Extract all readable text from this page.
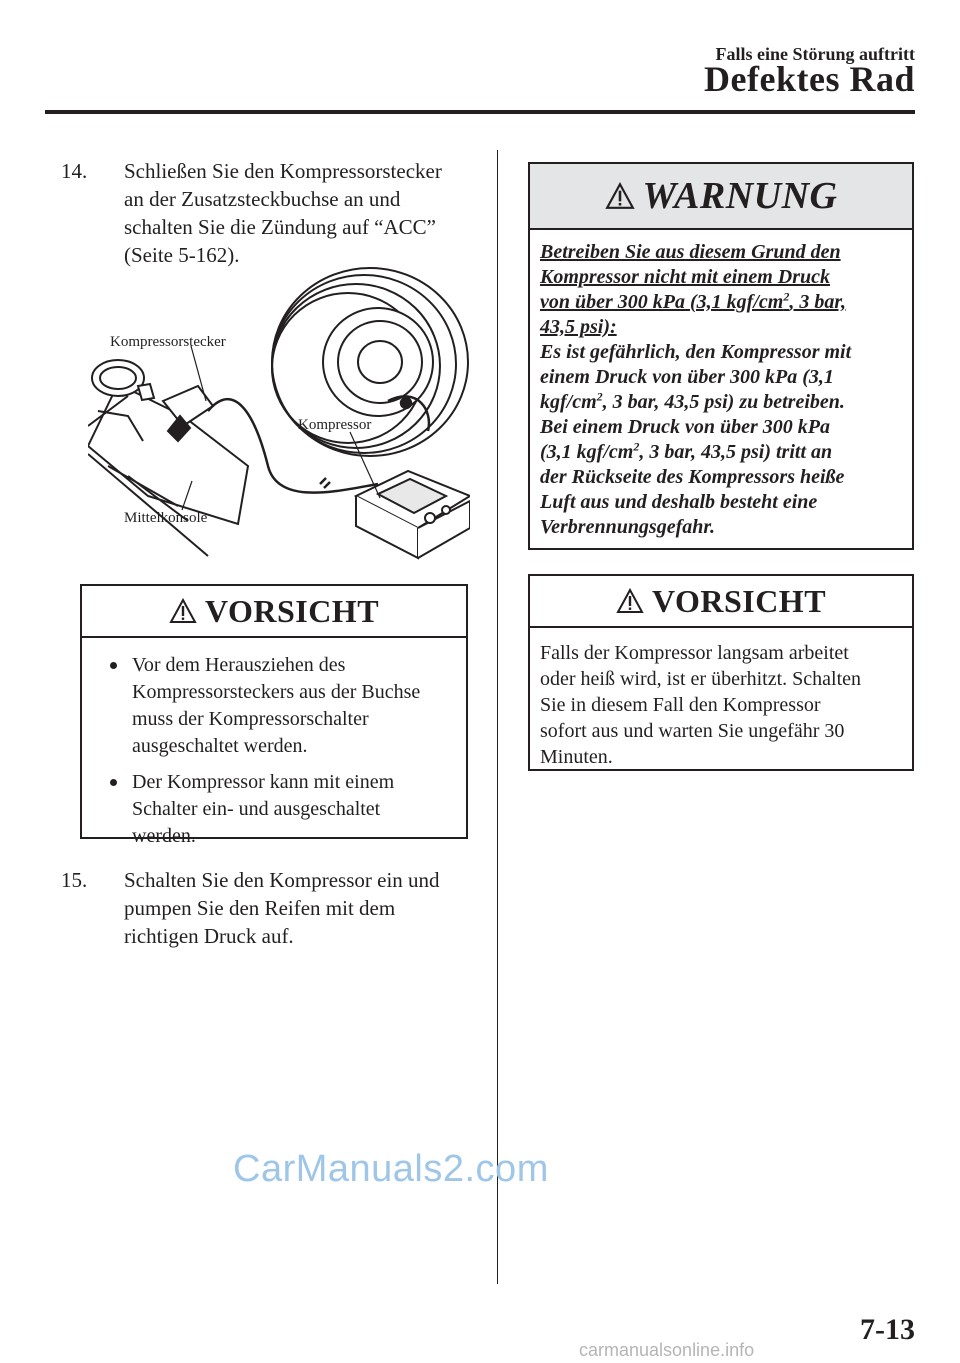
Falls eine Störung auftritt
Defektes Rad
14. Schließen Sie den Kompressorstecker
an der Zusatzsteckbuchse an und
schalten Sie die Zündung auf “ACC”
(Seite 5-162).
Kompressorstecker
Kompressor
Mittelkonsole
VORSICHT
Vor dem Herausziehen des
Kompressorsteckers aus der Buchse
muss der Kompressorschalter
ausgeschaltet werden.
Der Kompressor kann mit einem
Schalter ein- und ausgeschaltet
werden.
15. Schalten Sie den Kompressor ein und
pumpen Sie den Reifen mit dem
richtigen Druck auf.
WARNUNG
Betreiben Sie aus diesem Grund den
Kompressor nicht mit einem Druck
von über 300 kPa (3,1 kgf/$cm^2$, 3 bar,
43,5 psi):
Es ist gefährlich, den Kompressor mit
einem Druck von über 300 kPa (3,1
kgf/$cm^2$, 3 bar, 43,5 psi) zu betreiben.
Bei einem Druck von über 300 kPa
(3,1 kgf/$cm^2$, 3 bar, 43,5 psi) tritt an
der Rückseite des Kompressors heiße
Luft aus und deshalb besteht eine
Verbrennungsgefahr.
VORSICHT
Falls der Kompressor langsam arbeitet
oder heiß wird, ist er überhitzt. Schalten
Sie in diesem Fall den Kompressor
sofort aus und warten Sie ungefähr 30
Minuten.
CarManuals2.com
7-13
carmanualsonline.info
